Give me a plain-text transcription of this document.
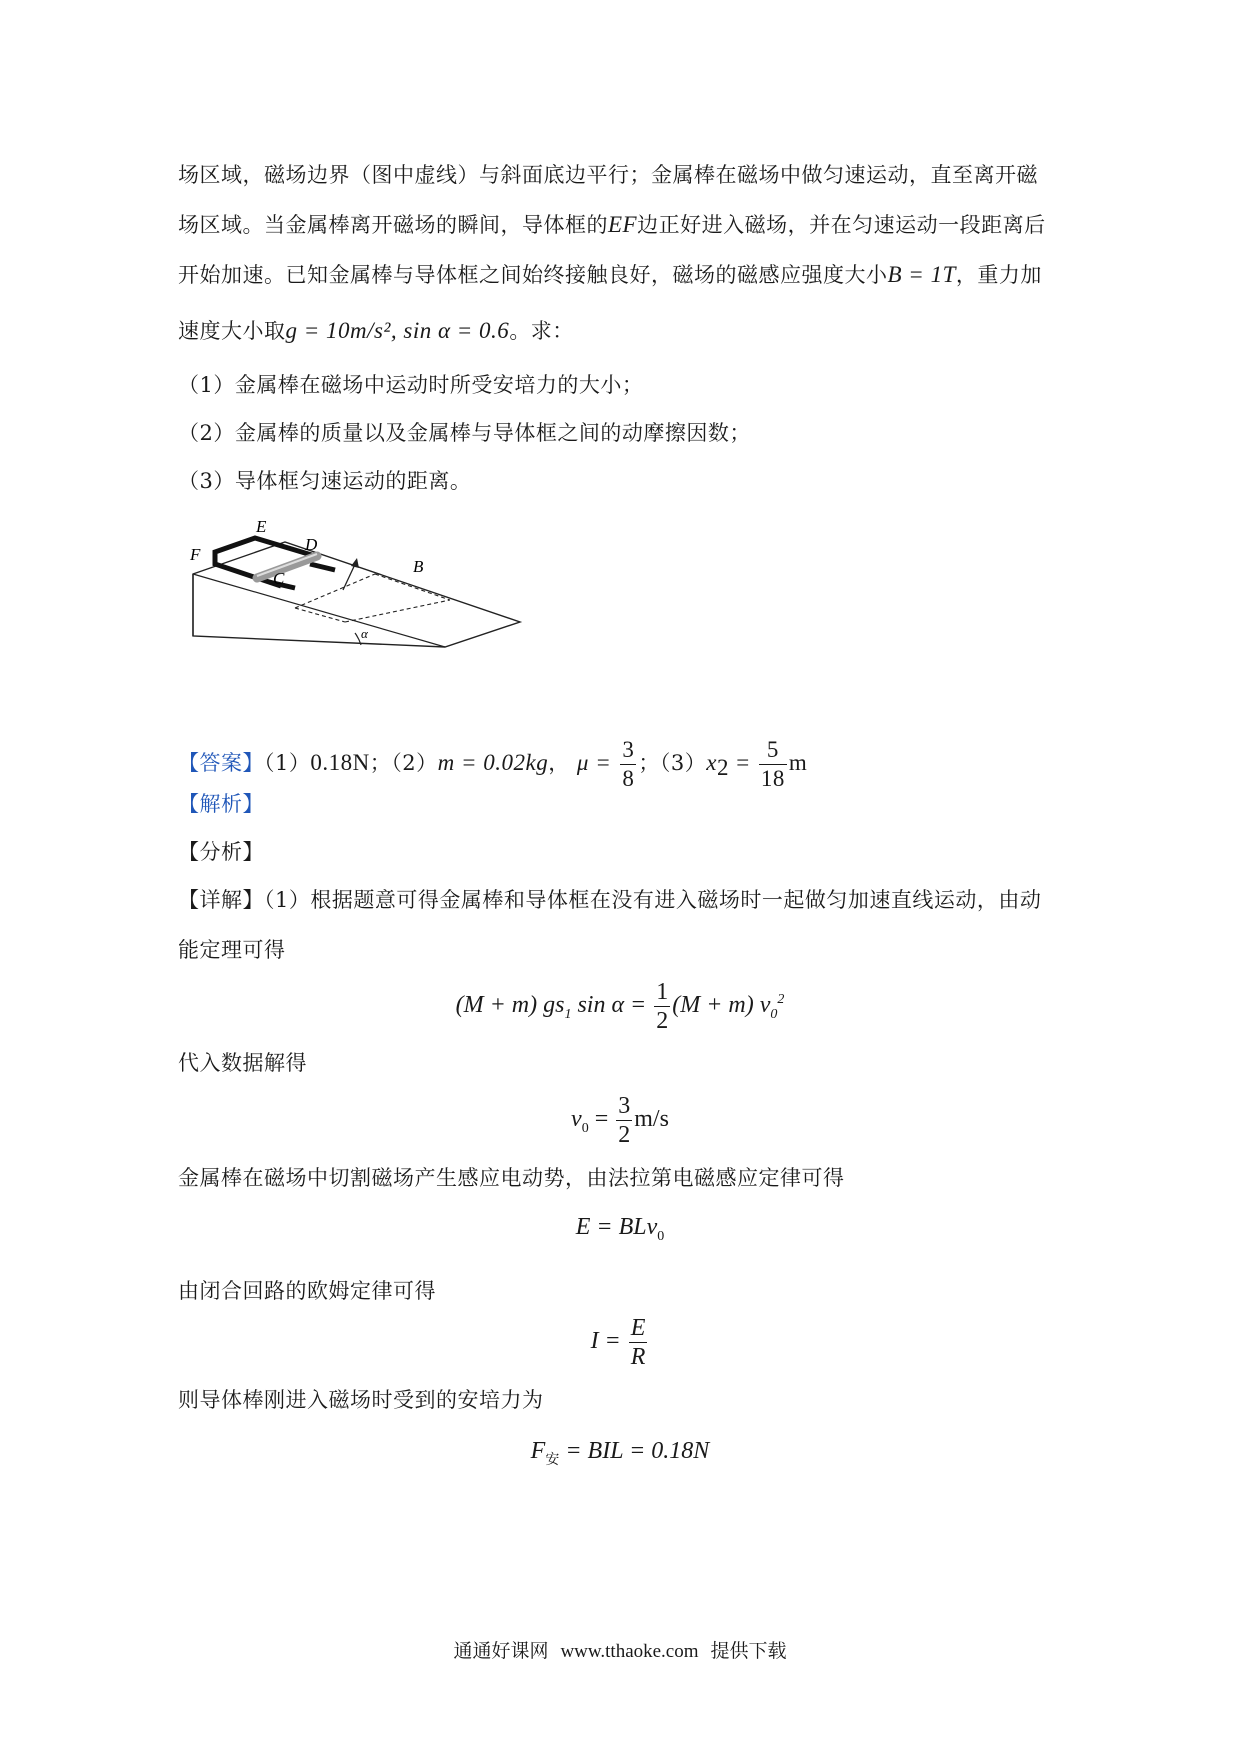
场区域，磁场边界（图中虚线）与斜面底边平行；金属棒在磁场中做匀速运动，直至离开磁
场区域。当金属棒离开磁场的瞬间，导体框的EF边正好进入磁场，并在匀速运动一段距离后
开始加速。已知金属棒与导体框之间始终接触良好，磁场的磁感应强度大小B = 1T，重力加
速度大小取g = 10m/s², sin α = 0.6。求：
（1）金属棒在磁场中运动时所受安培力的大小；
（2）金属棒的质量以及金属棒与导体框之间的动摩擦因数；
（3）导体框匀速运动的距离。
E
F
D
C
B
α
【答案】（1）0.18N；（2）m = 0.02kg， $\mu = \frac{3}{8}$ ；$(3)x_2 = \frac{5}{18}$ m
【解析】
【分析】
【详解】（1）根据题意可得金属棒和导体框在没有进入磁场时一起做匀加速直线运动，由动
能定理可得
(M + m) $gs_1$ $\sin \alpha = \frac{1}{2} (M + m)$ $v_0^2$
代入数据解得
$v_0 = \frac{3}{2} m/s$
金属棒在磁场中切割磁场产生感应电动势，由法拉第电磁感应定律可得
E = BLv$_0$
由闭合回路的欧姆定律可得
$I = \frac{E}{R}$
则导体棒刚进入磁场时受到的安培力为
$F_安$ = BIL = 0.18N
通通好课网 www.tthaoke.com 提供下载
